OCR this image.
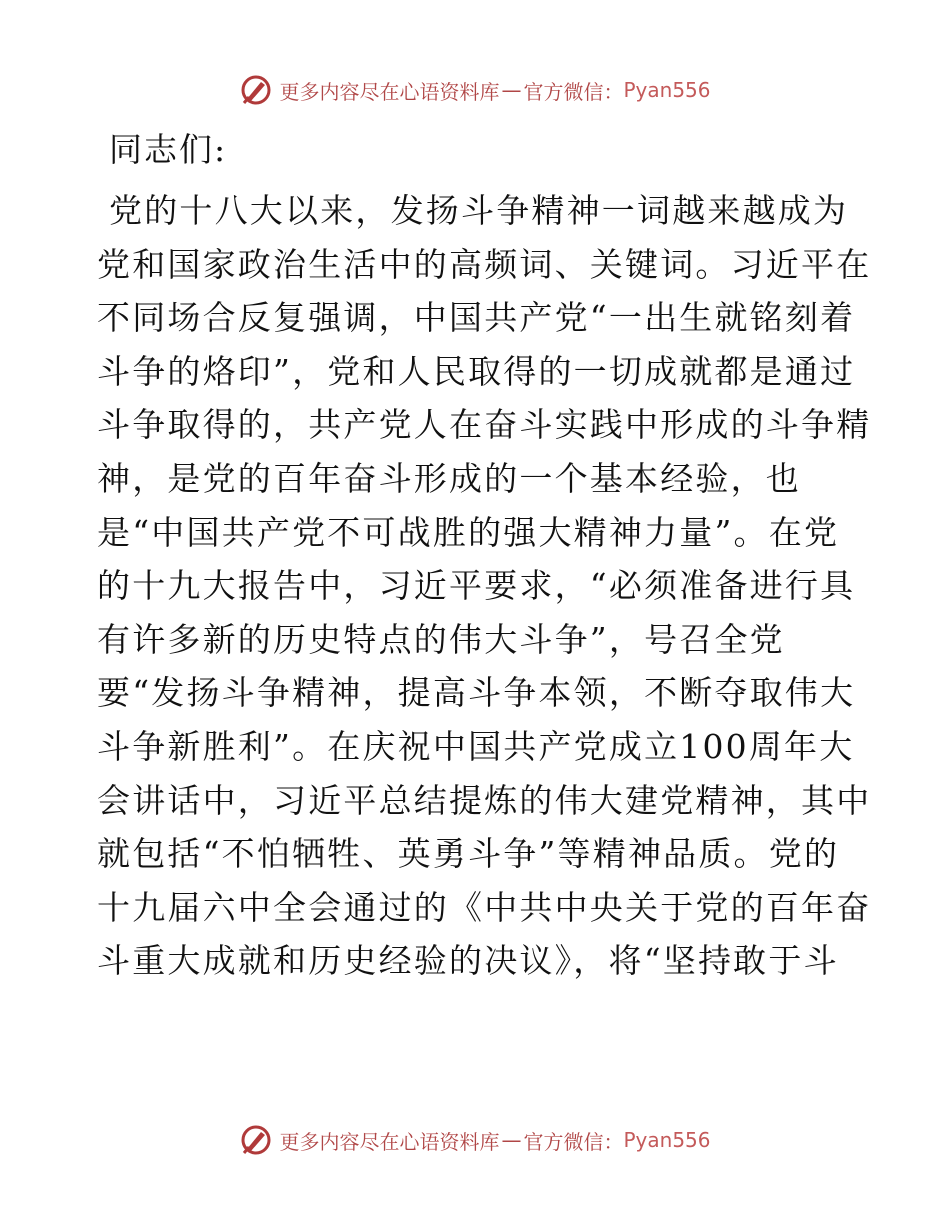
更多内容尽在心语资料库 — 官方微信： Pyan556
同志们:
党的十八大以来，发扬斗争精神一词越来越成为
党和国家政治生活中的高频词、关键词。习近平在
不同场合反复强调，中国共产党“一出生就铭刻着
斗争的烙印”，党和人民取得的一切成就都是通过
斗争取得的，共产党人在奋斗实践中形成的斗争精
神，是党的百年奋斗形成的一个基本经验，也
是“中国共产党不可战胜的强大精神力量”。在党
的十九大报告中，习近平要求，“必须准备进行具
有许多新的历史特点的伟大斗争”，号召全党
要“发扬斗争精神，提高斗争本领，不断夺取伟大
斗争新胜利”。在庆祝中国共产党成立100周年大
会讲话中，习近平总结提炼的伟大建党精神，其中
就包括“不怕牺牲、英勇斗争”等精神品质。党的
十九届六中全会通过的《中共中央关于党的百年奋
斗重大成就和历史经验的决议》，将“坚持敢于斗
更多内容尽在心语资料库 — 官方微信： Pyan556
